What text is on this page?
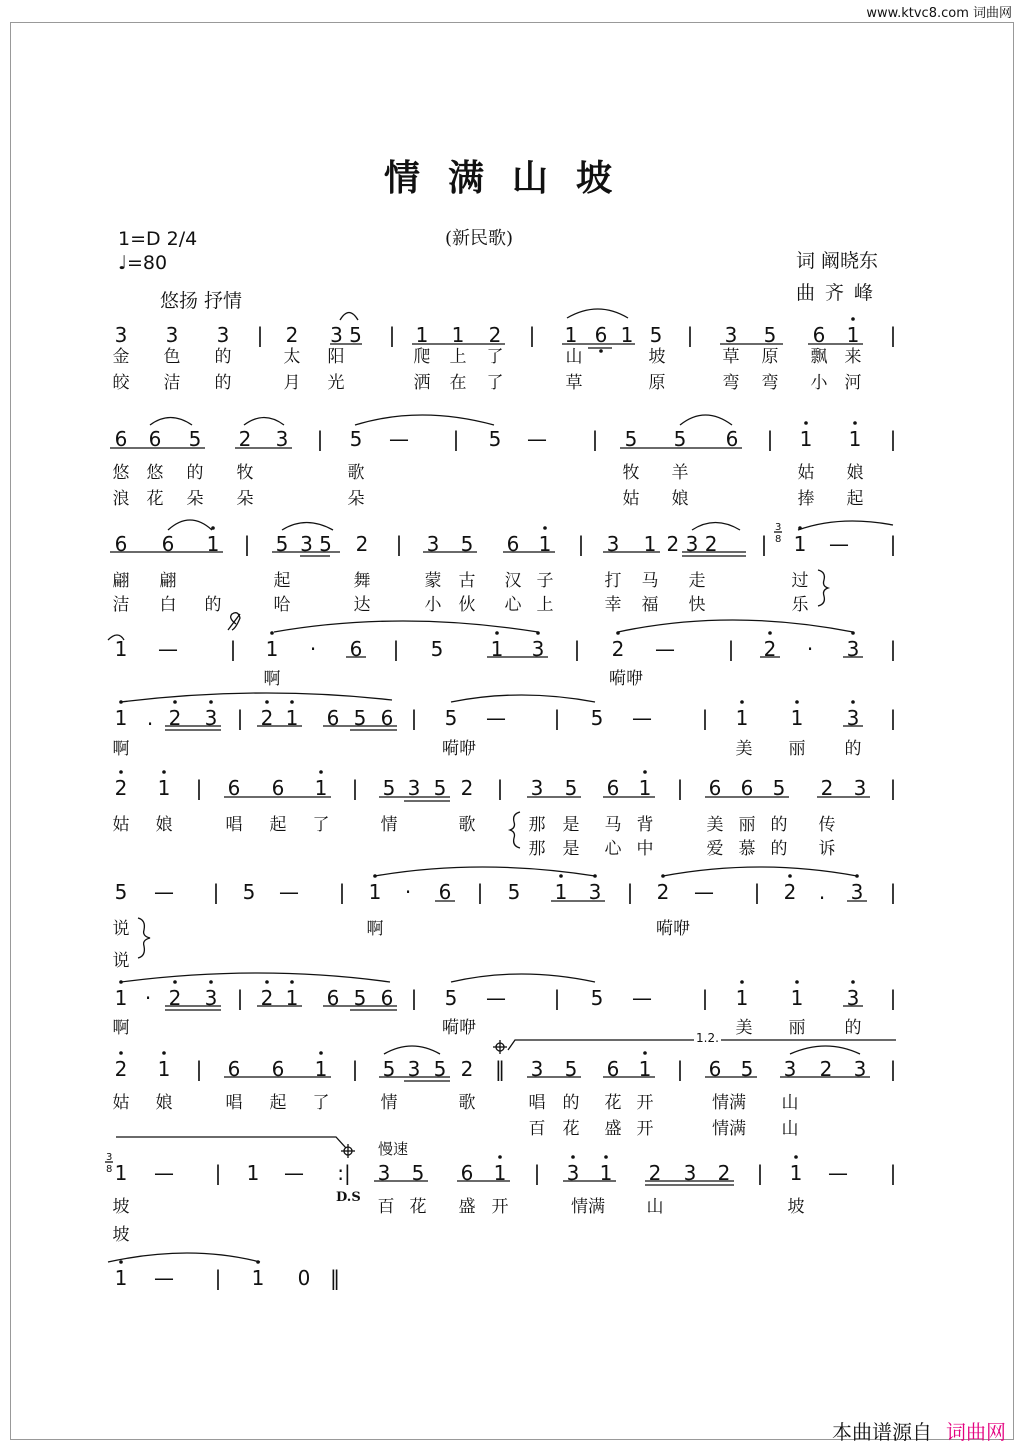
www.ktvc8.com 词曲网
情满山坡
(新民歌)
1=D 2/4
♩=80
悠扬 抒情
词 阚晓东
曲齐峰
慢速
D.S
3 3 3 | 2 3 5 | 1 1 2 | 1 6 1 5 | 3 5 6 1 |
金 色 的	太 阳	爬 上 了	山	坡	草 原 飘 来
皎 洁 的	月 光	洒 在 了	草	原	弯 弯 小 河
6 6 5 2 3 | 5 — | 5 — | 5 5 6 | 1 1 |
悠 悠 的 牧	歌	牧 羊	姑 娘
浪 花 朵 朵	朵	姑 娘	捧 起
6 6 1 | 5 3 5 2 | 3 5 6 1 | 3 1 2 3 2 | 1 — |
翩 翩	起	舞	蒙 古 汉 子	打 马 走	过
洁 白 的	哈	达	小 伙 心 上	幸 福 快	乐
1 —	| 1 · 6 | 5 1 3 | 2 —	| 2 · 3 |
啊	嗬咿
1 . 2 3 | 2 1 6 5 6 | 5 — | 5 — | 1 1 3 |
啊	嗬咿	美 丽 的
2 1 | 6 6 1 | 5 3 5 2 | 3 5 6 1 | 6 6 5 2 3 |
姑 娘	唱 起 了	情	歌	那 是 马 背	美 丽 的 传
那 是 心 中	爱 慕 的 诉
5 — | 5 — | 1 · 6 | 5 1 3 | 2 — | 2 . 3 |
说	啊	嗬咿
说
1 · 2 3 | 2 1 6 5 6 | 5 — | 5 — | 1 1 3 |
啊	嗬咿	美 丽 的
2 1 | 6 6 1 | 5 3 5 2 ‖ 3 5 6 1 | 6 5 3 2 3 |
姑 娘	唱 起 了	情	歌	唱 的 花 开	情满 山
百 花 盛 开	情满 山
1 — | 1 — :| 3 5 6 1 | 3 1 2 3 2 | 1 — |
坡	百 花 盛 开	情满 山	坡
坡
1 — | 1 0 ‖
3
8
3
8
1.2.
本曲谱源自 词曲网
